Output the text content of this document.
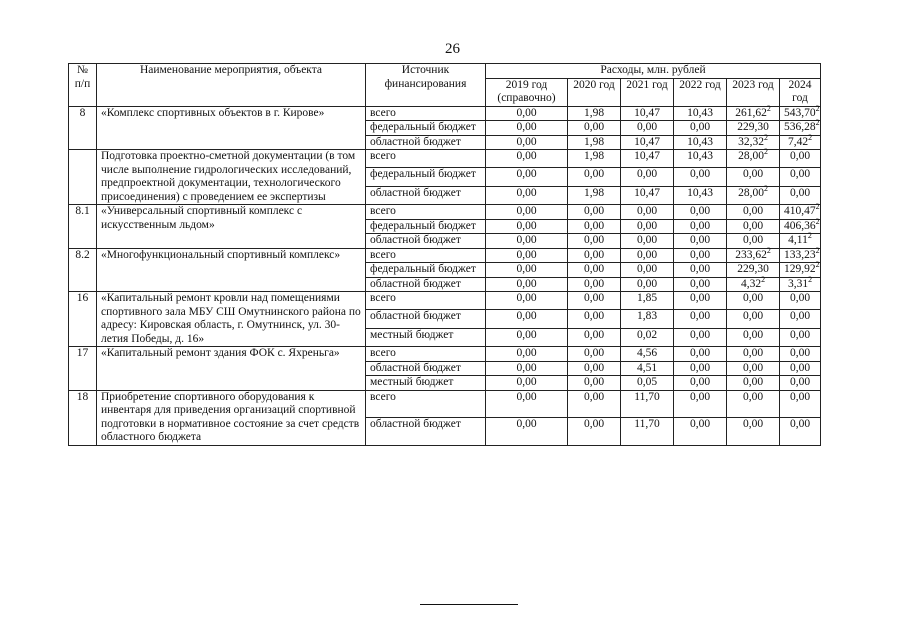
26
№ п/п	Наименование мероприятия, объекта	Источник финансирования	Расходы, млн. рублей					
			2019 год (справочно)	2020 год	2021 год	2022 год	2023 год	2024 год
8	«Комплекс спортивных объектов в г. Кирове»	всего	0,00	1,98	10,47	10,43	261,62$^2$	543,70$^2$
		федеральный бюджет	0,00	0,00	0,00	0,00	229,30	536,28$^2$
		областной бюджет	0,00	1,98	10,47	10,43	32,32$^2$	7,42$^2$
	Подготовка проектно-сметной документации (в том числе выполнение гидрологических исследований, предпроектной документации, технологического присоединения) с проведением ее экспертизы	всего	0,00	1,98	10,47	10,43	28,00$^2$	0,00
		федеральный бюджет	0,00	0,00	0,00	0,00	0,00	0,00
		областной бюджет	0,00	1,98	10,47	10,43	28,00$^2$	0,00
8.1	«Универсальный спортивный комплекс с искусственным льдом»	всего	0,00	0,00	0,00	0,00	0,00	410,47$^2$
		федеральный бюджет	0,00	0,00	0,00	0,00	0,00	406,36$^2$
		областной бюджет	0,00	0,00	0,00	0,00	0,00	4,11$^2$
8.2	«Многофункциональный спортивный комплекс»	всего	0,00	0,00	0,00	0,00	233,62$^2$	133,23$^2$
		федеральный бюджет	0,00	0,00	0,00	0,00	229,30	129,92$^2$
		областной бюджет	0,00	0,00	0,00	0,00	4,32$^2$	3,31$^2$
16	«Капитальный ремонт кровли над помещениями спортивного зала МБУ СШ Омутнинского района по адресу: Кировская область, г. Омутнинск, ул. 30-летия Победы, д. 16»	всего	0,00	0,00	1,85	0,00	0,00	0,00
		областной бюджет	0,00	0,00	1,83	0,00	0,00	0,00
		местный бюджет	0,00	0,00	0,02	0,00	0,00	0,00
17	«Капитальный ремонт здания ФОК с. Яхреньга»	всего	0,00	0,00	4,56	0,00	0,00	0,00
		областной бюджет	0,00	0,00	4,51	0,00	0,00	0,00
		местный бюджет	0,00	0,00	0,05	0,00	0,00	0,00
18	Приобретение спортивного оборудования к инвентаря для приведения организаций спортивной подготовки в нормативное состояние за счет средств областного бюджета	всего	0,00	0,00	11,70	0,00	0,00	0,00
		областной бюджет	0,00	0,00	11,70	0,00	0,00	0,00
